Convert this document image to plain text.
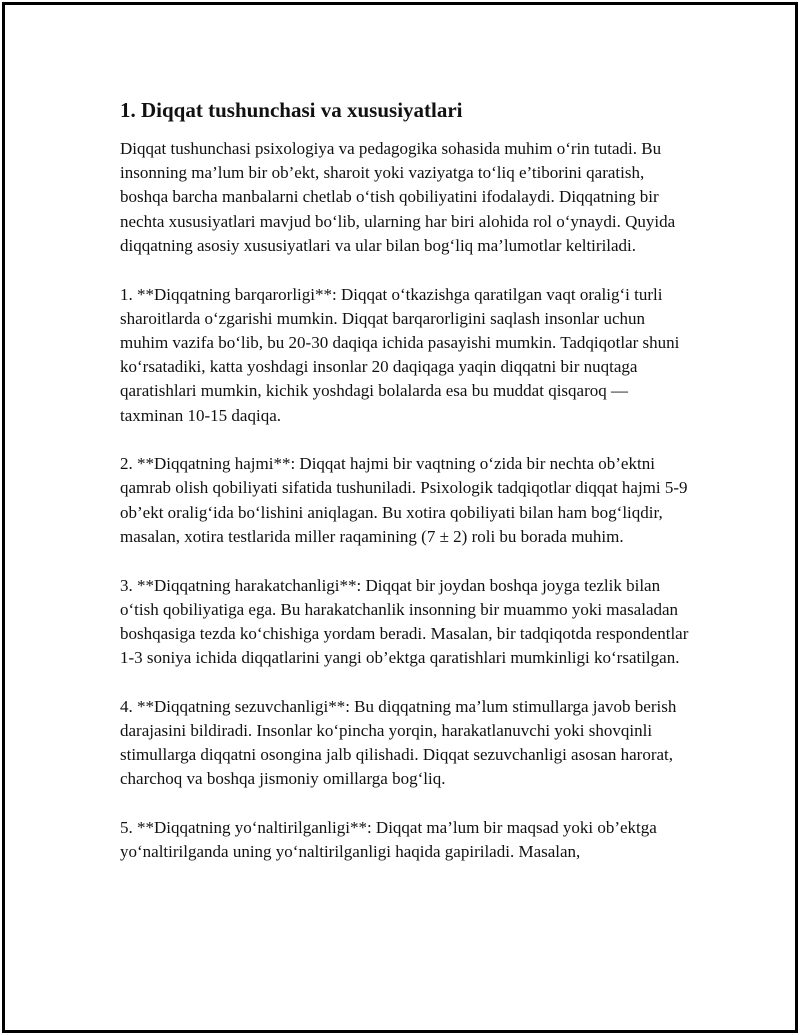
1. Diqqat tushunchasi va xususiyatlari

Diqqat tushunchasi psixologiya va pedagogika sohasida muhim o‘rin tutadi. Bu insonning ma’lum bir ob’ekt, sharoit yoki vaziyatga to‘liq e’tiborini qaratish, boshqa barcha manbalarni chetlab o‘tish qobiliyatini ifodalaydi. Diqqatning bir nechta xususiyatlari mavjud bo‘lib, ularning har biri alohida rol o‘ynaydi. Quyida diqqatning asosiy xususiyatlari va ular bilan bog‘liq ma’lumotlar keltiriladi.

1. **Diqqatning barqarorligi**: Diqqat o‘tkazishga qaratilgan vaqt oralig‘i turli sharoitlarda o‘zgarishi mumkin. Diqqat barqarorligini saqlash insonlar uchun muhim vazifa bo‘lib, bu 20-30 daqiqa ichida pasayishi mumkin. Tadqiqotlar shuni ko‘rsatadiki, katta yoshdagi insonlar 20 daqiqaga yaqin diqqatni bir nuqtaga qaratishlari mumkin, kichik yoshdagi bolalarda esa bu muddat qisqaroq — taxminan 10-15 daqiqa.

2. **Diqqatning hajmi**: Diqqat hajmi bir vaqtning o‘zida bir nechta ob’ektni qamrab olish qobiliyati sifatida tushuniladi. Psixologik tadqiqotlar diqqat hajmi 5-9 ob’ekt oralig‘ida bo‘lishini aniqlagan. Bu xotira qobiliyati bilan ham bog‘liqdir, masalan, xotira testlarida miller raqamining (7 ± 2) roli bu borada muhim.

3. **Diqqatning harakatchanligi**: Diqqat bir joydan boshqa joyga tezlik bilan o‘tish qobiliyatiga ega. Bu harakatchanlik insonning bir muammo yoki masaladan boshqasiga tezda ko‘chishiga yordam beradi. Masalan, bir tadqiqotda respondentlar 1-3 soniya ichida diqqatlarini yangi ob’ektga qaratishlari mumkinligi ko‘rsatilgan.

4. **Diqqatning sezuvchanligi**: Bu diqqatning ma’lum stimullarga javob berish darajasini bildiradi. Insonlar ko‘pincha yorqin, harakatlanuvchi yoki shovqinli stimullarga diqqatni osongina jalb qilishadi. Diqqat sezuvchanligi asosan harorat, charchoq va boshqa jismoniy omillarga bog‘liq.

5. **Diqqatning yo‘naltirilganligi**: Diqqat ma’lum bir maqsad yoki ob’ektga yo‘naltirilganda uning yo‘naltirilganligi haqida gapiriladi. Masalan,
